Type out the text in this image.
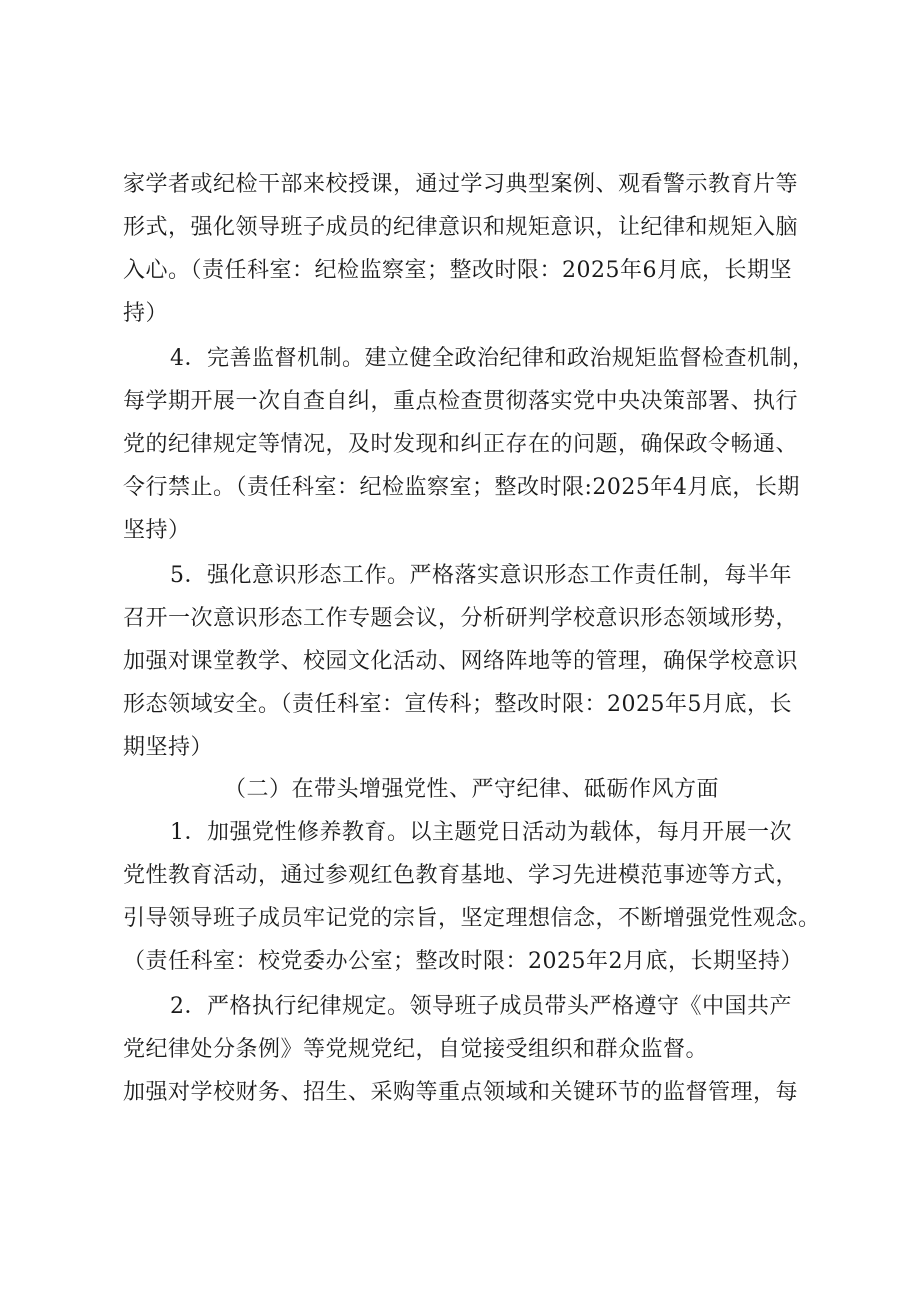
家学者或纪检干部来校授课，通过学习典型案例、观看警示教育片等
形式，强化领导班子成员的纪律意识和规矩意识，让纪律和规矩入脑
入心。（责任科室：纪检监察室；整改时限：2025年6月底，长期坚
持）
4．完善监督机制。建立健全政治纪律和政治规矩监督检查机制，
每学期开展一次自查自纠，重点检查贯彻落实党中央决策部署、执行
党的纪律规定等情况，及时发现和纠正存在的问题，确保政令畅通、
令行禁止。（责任科室：纪检监察室；整改时限:2025年4月底，长期
坚持）
5．强化意识形态工作。严格落实意识形态工作责任制，每半年
召开一次意识形态工作专题会议，分析研判学校意识形态领域形势，
加强对课堂教学、校园文化活动、网络阵地等的管理，确保学校意识
形态领域安全。（责任科室：宣传科；整改时限：2025年5月底，长
期坚持）
（二）在带头增强党性、严守纪律、砥砺作风方面
1．加强党性修养教育。以主题党日活动为载体，每月开展一次
党性教育活动，通过参观红色教育基地、学习先进模范事迹等方式，
引导领导班子成员牢记党的宗旨，坚定理想信念，不断增强党性观念。
（责任科室：校党委办公室；整改时限：2025年2月底，长期坚持）
2．严格执行纪律规定。领导班子成员带头严格遵守《中国共产
党纪律处分条例》等党规党纪，自觉接受组织和群众监督。
加强对学校财务、招生、采购等重点领域和关键环节的监督管理，每
